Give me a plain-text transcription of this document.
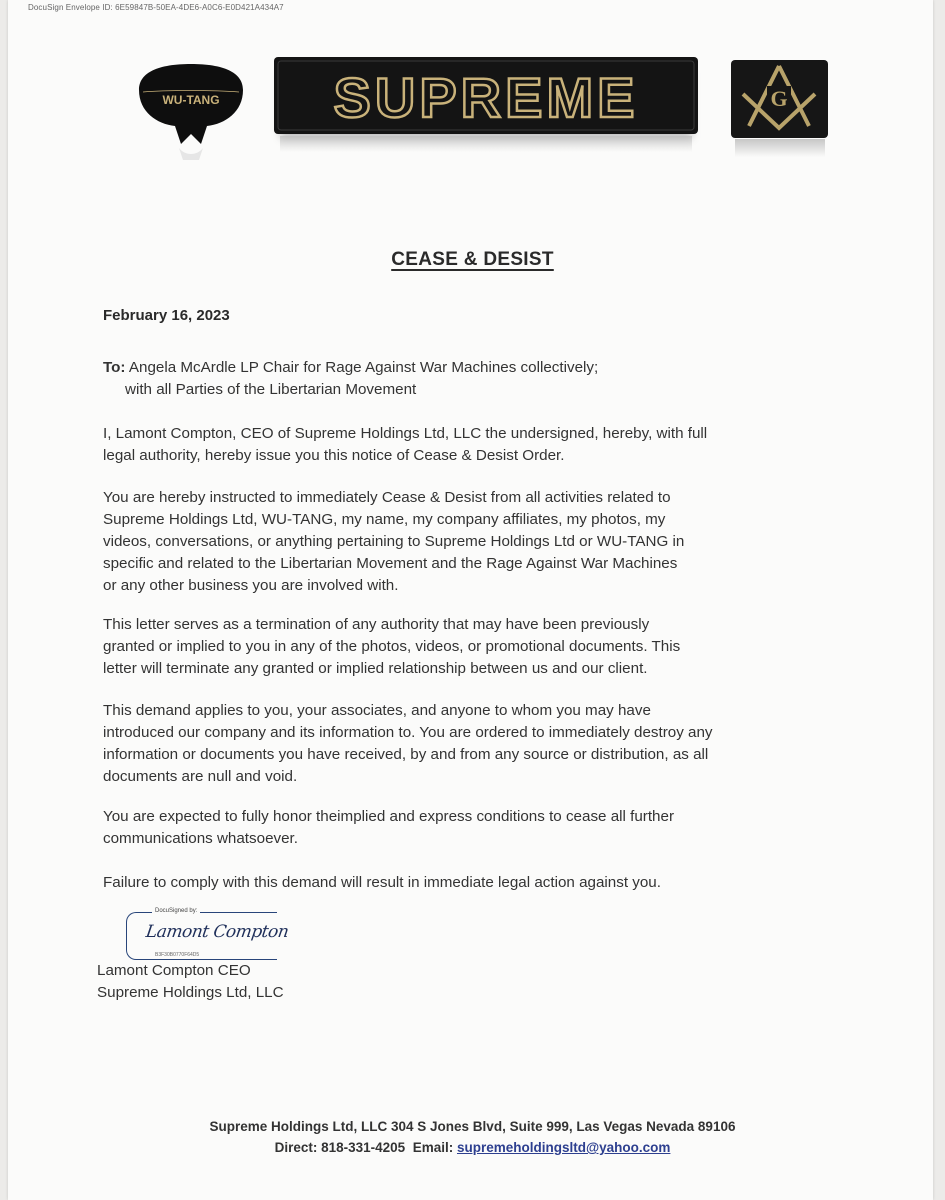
DocuSign Envelope ID: 6E59847B-50EA-4DE6-A0C6-E0D421A434A7
WU-TANG SUPREME	G
CEASE & DESIST
February 16, 2023
To: Angela McArdle LP Chair for Rage Against War Machines collectively;
with all Parties of the Libertarian Movement
I, Lamont Compton, CEO of Supreme Holdings Ltd, LLC the undersigned, hereby, with full
legal authority, hereby issue you this notice of Cease & Desist Order.
You are hereby instructed to immediately Cease & Desist from all activities related to
Supreme Holdings Ltd, WU-TANG, my name, my company affiliates, my photos, my
videos, conversations, or anything pertaining to Supreme Holdings Ltd or WU-TANG in
specific and related to the Libertarian Movement and the Rage Against War Machines
or any other business you are involved with.
This letter serves as a termination of any authority that may have been previously
granted or implied to you in any of the photos, videos, or promotional documents. This
letter will terminate any granted or implied relationship between us and our client.
This demand applies to you, your associates, and anyone to whom you may have
introduced our company and its information to. You are ordered to immediately destroy any
information or documents you have received, by and from any source or distribution, as all
documents are null and void.
You are expected to fully honor theimplied and express conditions to cease all further
communications whatsoever.
Failure to comply with this demand will result in immediate legal action against you.
DocuSigned by:
Lamont Compton
B3F30B0770F64D5
Lamont Compton CEO
Supreme Holdings Ltd, LLC
Supreme Holdings Ltd, LLC 304 S Jones Blvd, Suite 999, Las Vegas Nevada 89106
Direct: 818-331-4205 Email: supremeholdingsltd@yahoo.com
